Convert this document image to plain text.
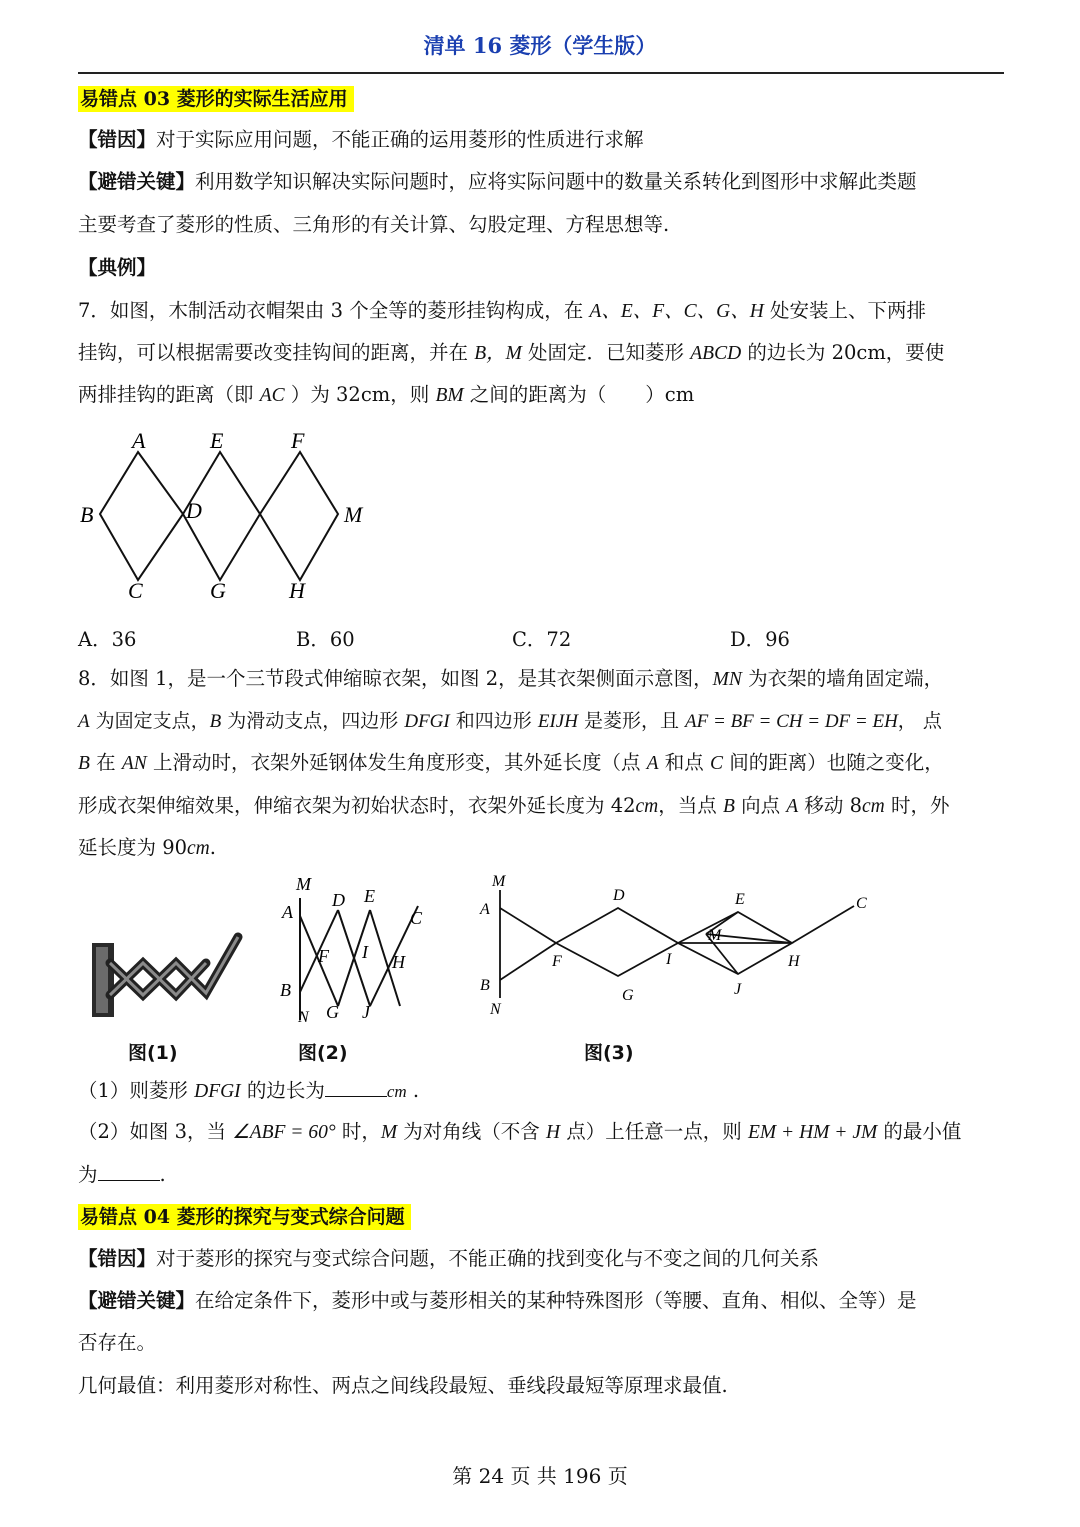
清单 16 菱形（学生版）
易错点 03 菱形的实际生活应用
【错因】对于实际应用问题，不能正确的运用菱形的性质进行求解
【避错关键】利用数学知识解决实际问题时，应将实际问题中的数量关系转化到图形中求解此类题
主要考查了菱形的性质、三角形的有关计算、勾股定理、方程思想等.
【典例】
7．如图，木制活动衣帽架由 3 个全等的菱形挂钩构成，在 A、E、F、C、G、H 处安装上、下两排
挂钩，可以根据需要改变挂钩间的距离，并在 B，M 处固定．已知菱形 ABCD 的边长为 20cm，要使
两排挂钩的距离（即 AC ）为 32cm，则 BM 之间的距离为（　　）cm
A	E	F
B	D	M
C	G	H
A．36	B．60	C．72	D．96
8．如图 1，是一个三节段式伸缩晾衣架，如图 2，是其衣架侧面示意图，MN 为衣架的墙角固定端，
A 为固定支点，B 为滑动支点，四边形 DFGI 和四边形 EIJH 是菱形，且 AF = BF = CH = DF = EH， 点
B 在 AN 上滑动时，衣架外延钢体发生角度形变，其外延长度（点 A 和点 C 间的距离）也随之变化，
形成衣架伸缩效果，伸缩衣架为初始状态时，衣架外延长度为 42cm，当点 B 向点 A 移动 8cm 时，外
延长度为 90cm.
图(1)
M
A
D E
C
F I H
B
N G J
图(2)
M
A
D	E	C
F	I
M
H
B
N
G	J
图(3)
（1）则菱形 DFGI 的边长为	cm .
（2）如图 3，当 ∠ABF = 60° 时，M 为对角线（不含 H 点）上任意一点，则 EM + HM + JM 的最小值
为	.
易错点 04 菱形的探究与变式综合问题
【错因】对于菱形的探究与变式综合问题，不能正确的找到变化与不变之间的几何关系
【避错关键】在给定条件下，菱形中或与菱形相关的某种特殊图形（等腰、直角、相似、全等）是
否存在。
几何最值：利用菱形对称性、两点之间线段最短、垂线段最短等原理求最值.
第 24 页 共 196 页
